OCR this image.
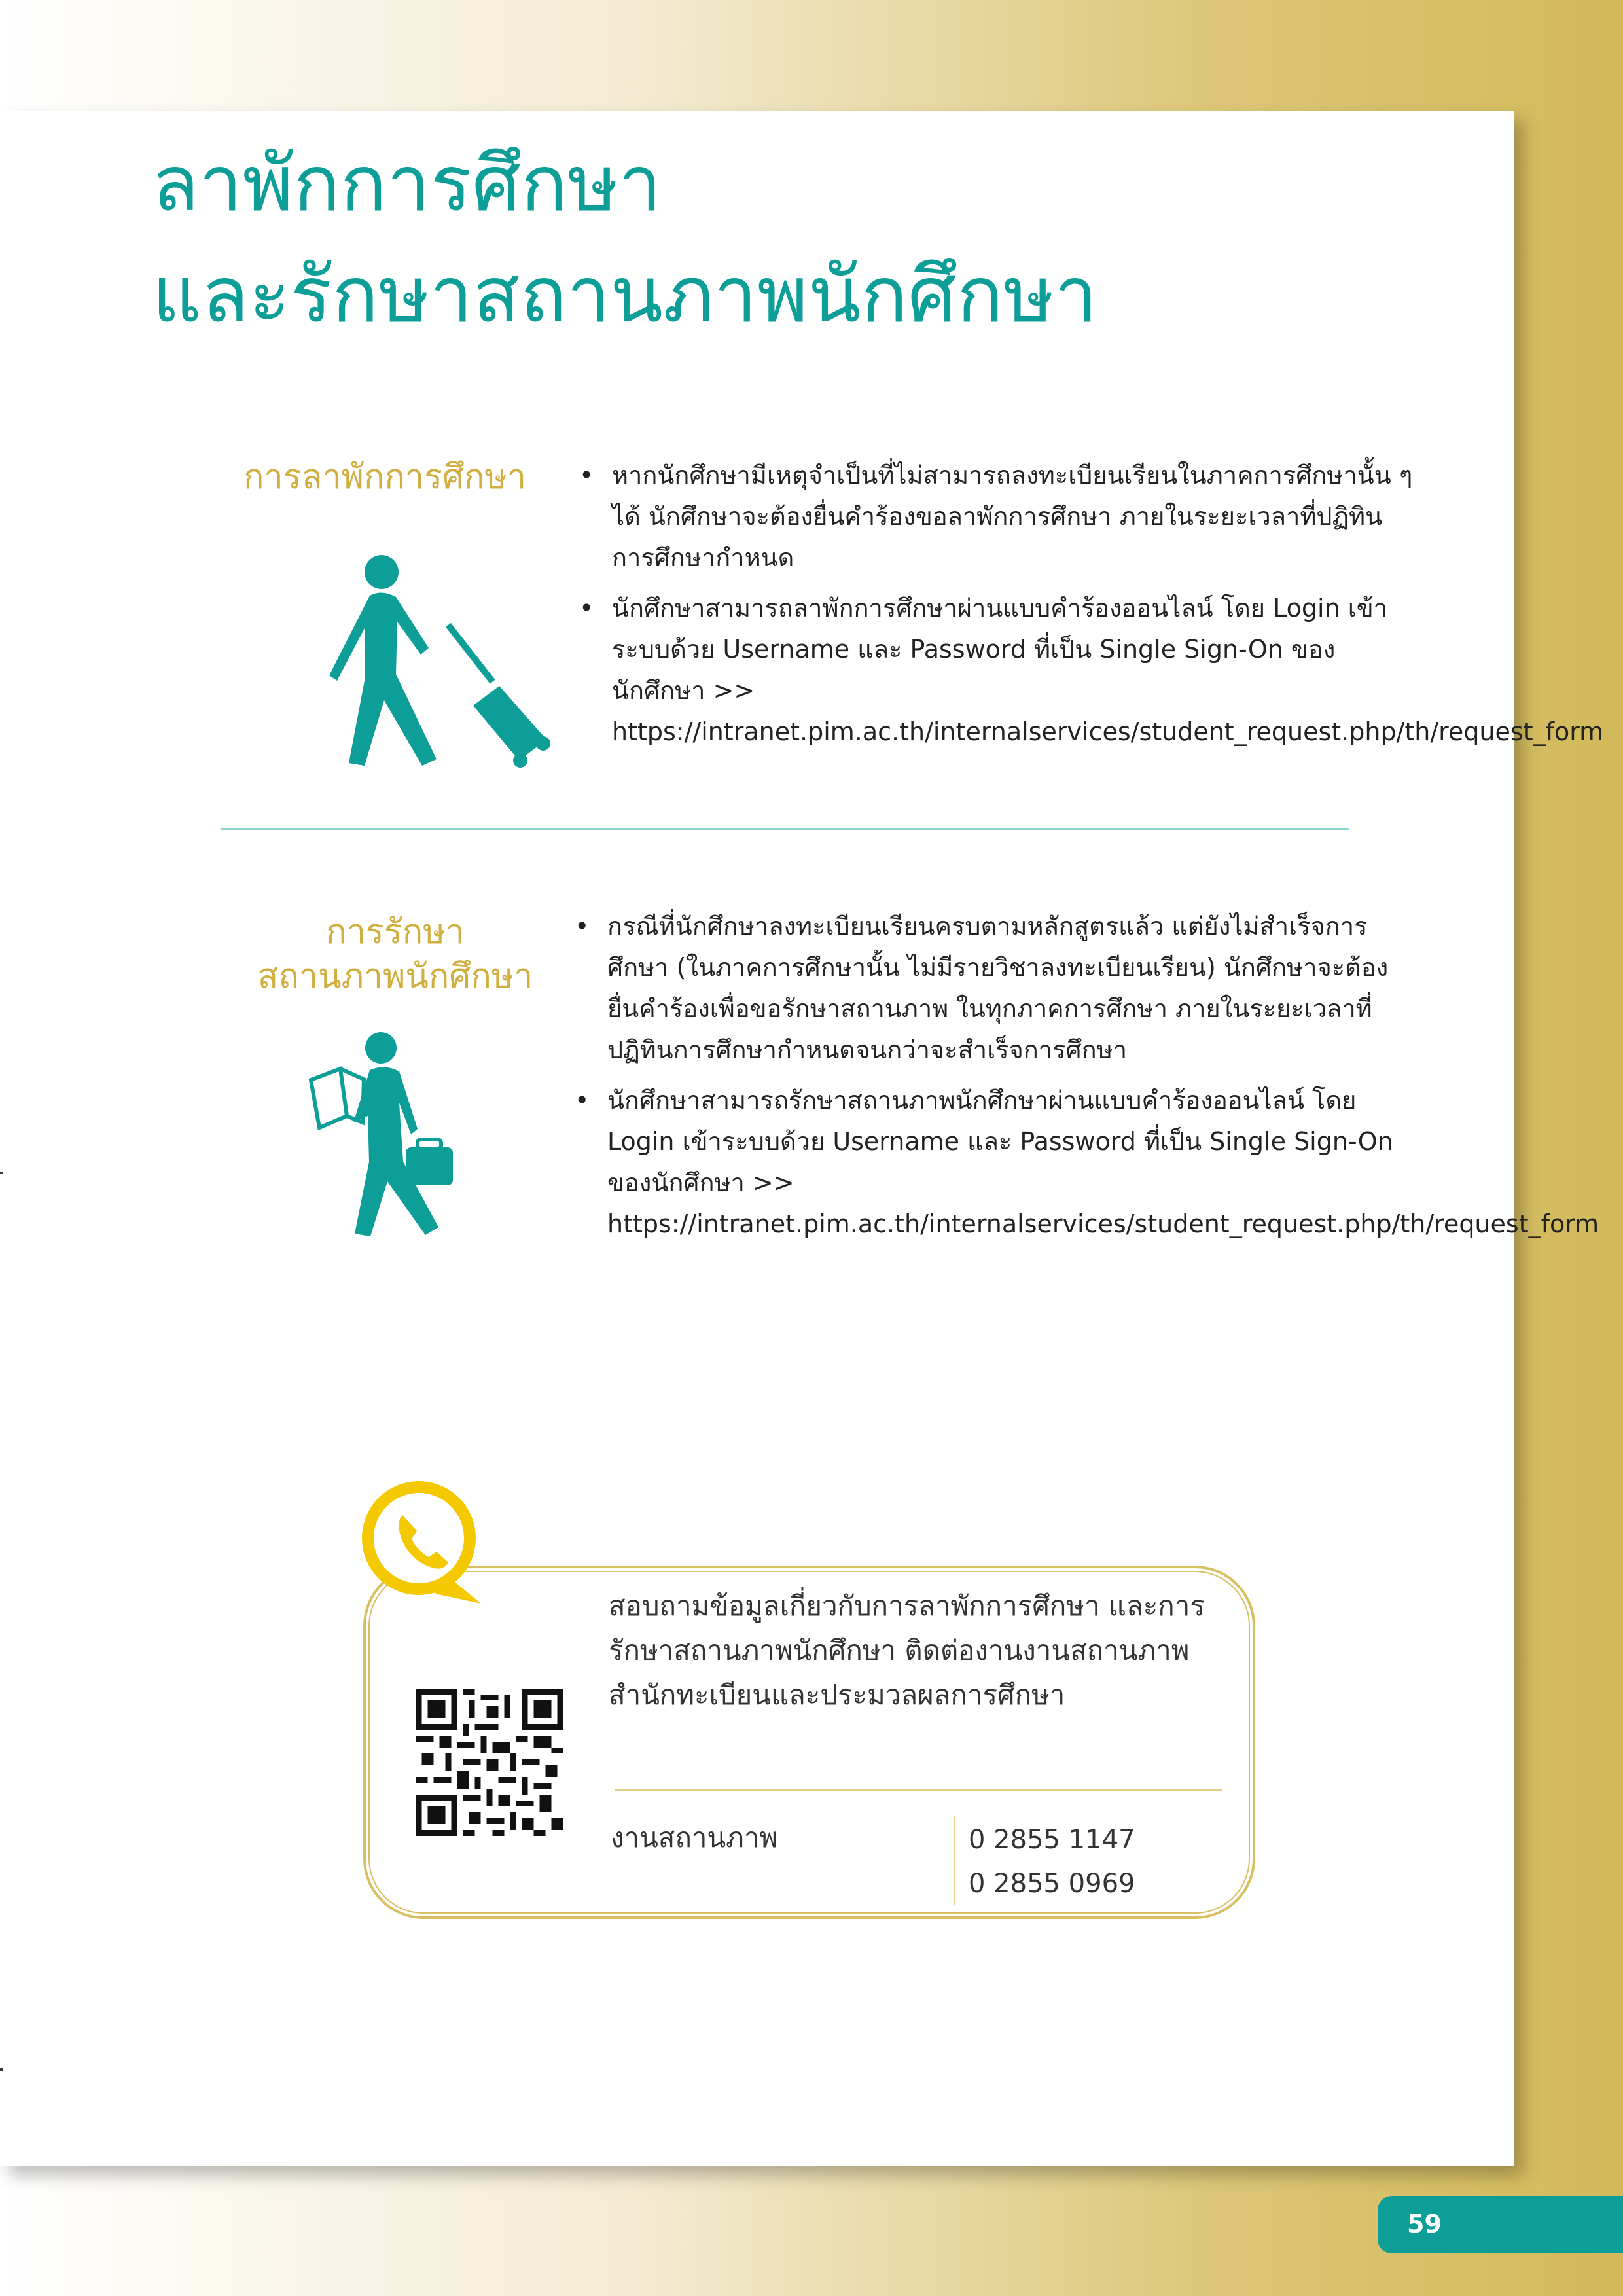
ลาพักการศึกษา
และรักษาสถานภาพนักศึกษา
การลาพักการศึกษา
•	หากนักศึกษามีเหตุจำเป็นที่ไม่สามารถลงทะเบียนเรียนในภาคการศึกษานั้น ๆ ได้ นักศึกษาจะต้องยื่นคำร้องขอลาพักการศึกษา ภายในระยะเวลาที่ปฏิทินการศึกษากำหนด
• นักศึกษาสามารถลาพักการศึกษาผ่านแบบคำร้องออนไลน์ โดย Login เข้าระบบด้วย Username และ Password ที่เป็น Single Sign-On ของนักศึกษา >> https://intranet.pim.ac.th/internalservices/student_request.php/th/request_form
การรักษา
สถานภาพนักศึกษา
• กรณีที่นักศึกษาลงทะเบียนเรียนครบตามหลักสูตรแล้ว แต่ยังไม่สำเร็จการศึกษา (ในภาคการศึกษานั้น ไม่มีรายวิชาลงทะเบียนเรียน) นักศึกษาจะต้องยื่นคำร้องเพื่อขอรักษาสถานภาพ ในทุกภาคการศึกษา ภายในระยะเวลาที่ปฏิทินการศึกษากำหนดจนกว่าจะสำเร็จการศึกษา
• นักศึกษาสามารถรักษาสถานภาพนักศึกษาผ่านแบบคำร้องออนไลน์ โดย Login เข้าระบบด้วย Username และ Password ที่เป็น Single Sign-On ของนักศึกษา >> https://intranet.pim.ac.th/internalservices/student_request.php/th/request_form
สอบถามข้อมูลเกี่ยวกับการลาพักการศึกษา และการรักษาสถานภาพนักศึกษา ติดต่องานงานสถานภาพ สำนักทะเบียนและประมวลผลการศึกษา
งานสถานภาพ	0 2855 1147
0 2855 0969
59
